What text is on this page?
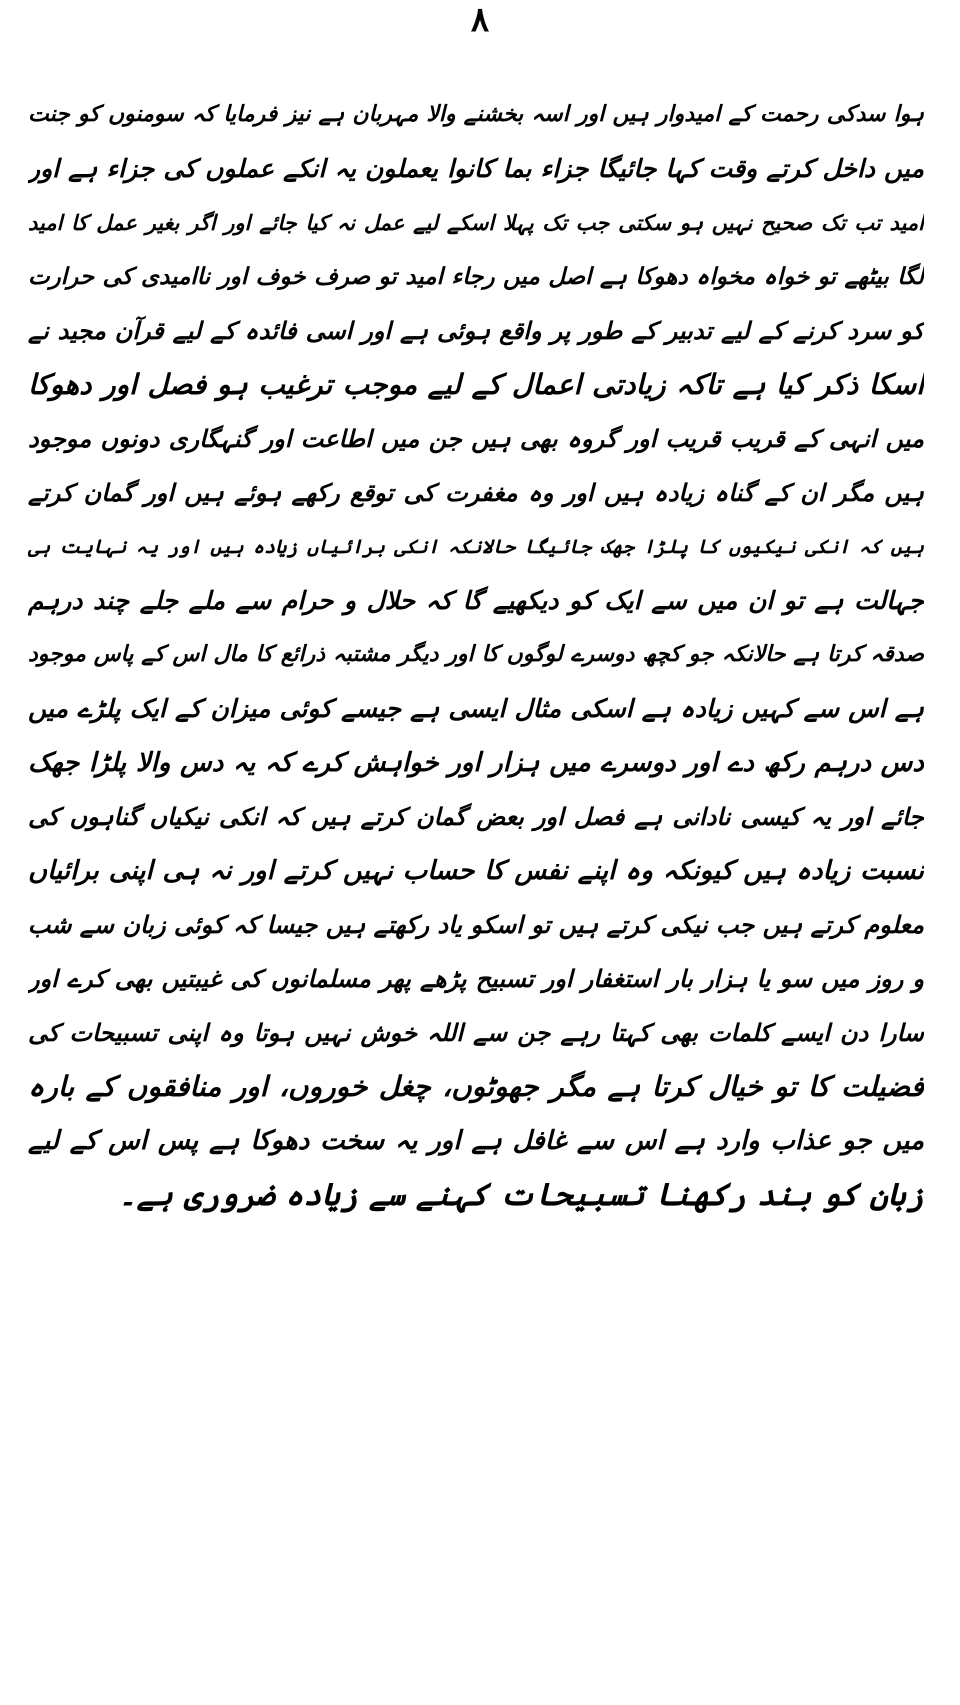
۸
ہوا سدکی رحمت کے امیدوار ہیں اور اسہ بخشنے والا مہربان ہے نیز فرمایا کہ سومنوں کو جنت
میں داخل کرتے وقت کہا جائیگا جزاء بما کانوا یعملون یہ انکے عملوں کی جزاء ہے اور
امید تب تک صحیح نہیں ہو سکتی جب تک پہلا اسکے لیے عمل نہ کیا جائے اور اگر بغیر عمل کا امید
لگا بیٹھے تو خواہ مخواہ دھوکا ہے اصل میں رجاء امید تو صرف خوف اور ناامیدی کی حرارت
کو سرد کرنے کے لیے تدبیر کے طور پر واقع ہوئی ہے اور اسی فائدہ کے لیے قرآن مجید نے
اسکا ذکر کیا ہے تاکہ زیادتی اعمال کے لیے موجب ترغیب ہو فصل اور دھوکا
میں انہی کے قریب قریب اور گروہ بھی ہیں جن میں اطاعت اور گنہگاری دونوں موجود
ہیں مگر ان کے گناہ زیادہ ہیں اور وہ مغفرت کی توقع رکھے ہوئے ہیں اور گمان کرتے
ہیں کہ انکی نیکیوں کا پلڑا جھک جائیگا حالانکہ انکی برائیاں زیادہ ہیں اور یہ نہایت ہی
جہالت ہے تو ان میں سے ایک کو دیکھیے گا کہ حلال و حرام سے ملے جلے چند درہم
صدقہ کرتا ہے حالانکہ جو کچھ دوسرے لوگوں کا اور دیگر مشتبہ ذرائع کا مال اس کے پاس موجود
ہے اس سے کہیں زیادہ ہے اسکی مثال ایسی ہے جیسے کوئی میزان کے ایک پلڑے میں
دس درہم رکھ دے اور دوسرے میں ہزار اور خواہش کرے کہ یہ دس والا پلڑا جھک
جائے اور یہ کیسی نادانی ہے فصل اور بعض گمان کرتے ہیں کہ انکی نیکیاں گناہوں کی
نسبت زیادہ ہیں کیونکہ وہ اپنے نفس کا حساب نہیں کرتے اور نہ ہی اپنی برائیاں
معلوم کرتے ہیں جب نیکی کرتے ہیں تو اسکو یاد رکھتے ہیں جیسا کہ کوئی زبان سے شب
و روز میں سو یا ہزار بار استغفار اور تسبیح پڑھے پھر مسلمانوں کی غیبتیں بھی کرے اور
سارا دن ایسے کلمات بھی کہتا رہے جن سے اللہ خوش نہیں ہوتا وہ اپنی تسبیحات کی
فضیلت کا تو خیال کرتا ہے مگر جھوٹوں، چغل خوروں، اور منافقوں کے بارہ
میں جو عذاب وارد ہے اس سے غافل ہے اور یہ سخت دھوکا ہے پس اس کے لیے
زبان کو بند رکھنا تسبیحات کہنے سے زیادہ ضروری ہے۔
